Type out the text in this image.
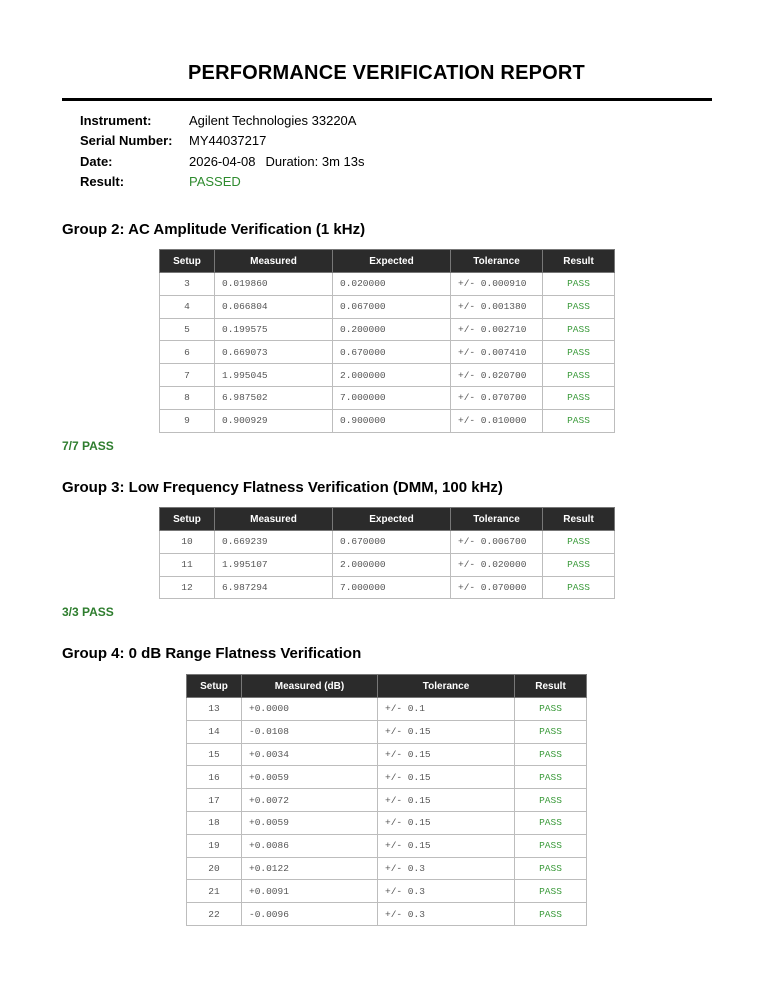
PERFORMANCE VERIFICATION REPORT
Instrument:	Agilent Technologies 33220A
Serial Number:	MY44037217
Date:	2026-04-08 Duration: 3m 13s
Result:	PASSED
Group 2: AC Amplitude Verification (1 kHz)
Setup	Measured	Expected	Tolerance	Result
3	0.019860	0.020000	+/- 0.000910	PASS
4	0.066804	0.067000	+/- 0.001380	PASS
5	0.199575	0.200000	+/- 0.002710	PASS
6	0.669073	0.670000	+/- 0.007410	PASS
7	1.995045	2.000000	+/- 0.020700	PASS
8	6.987502	7.000000	+/- 0.070700	PASS
9	0.900929	0.900000	+/- 0.010000	PASS
7/7 PASS
Group 3: Low Frequency Flatness Verification (DMM, 100 kHz)
Setup	Measured	Expected	Tolerance	Result
10	0.669239	0.670000	+/- 0.006700	PASS
11	1.995107	2.000000	+/- 0.020000	PASS
12	6.987294	7.000000	+/- 0.070000	PASS
3/3 PASS
Group 4: 0 dB Range Flatness Verification
Setup	Measured (dB)	Tolerance	Result
13	+0.0000	+/- 0.1	PASS
14	-0.0108	+/- 0.15	PASS
15	+0.0034	+/- 0.15	PASS
16	+0.0059	+/- 0.15	PASS
17	+0.0072	+/- 0.15	PASS
18	+0.0059	+/- 0.15	PASS
19	+0.0086	+/- 0.15	PASS
20	+0.0122	+/- 0.3	PASS
21	+0.0091	+/- 0.3	PASS
22	-0.0096	+/- 0.3	PASS
